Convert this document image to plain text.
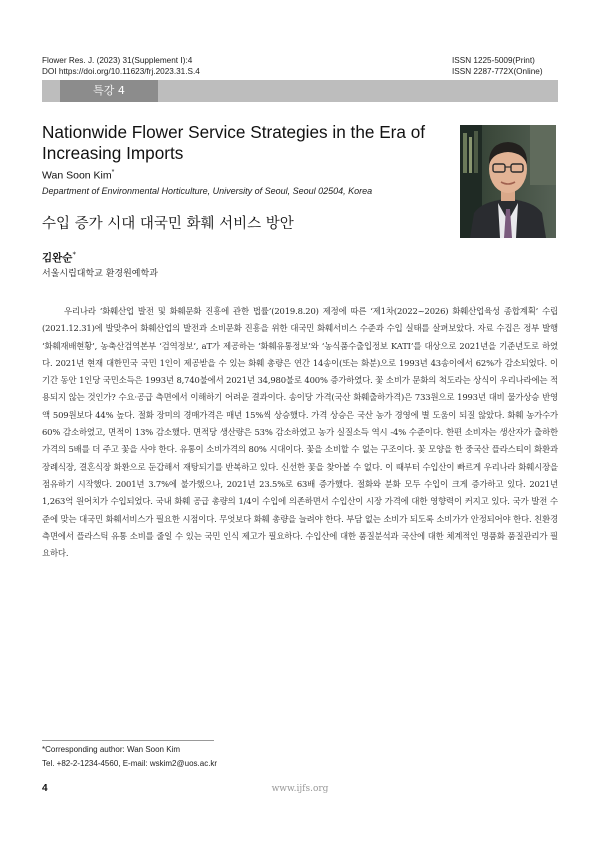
Flower Res. J. (2023) 31(Supplement Ⅰ):4
DOI https://doi.org/10.11623/frj.2023.31.S.4
ISSN 1225-5009(Print)
ISSN 2287-772X(Online)
특강 4
Nationwide Flower Service Strategies in the Era of Increasing Imports
Wan Soon Kim*
Department of Environmental Horticulture, University of Seoul, Seoul 02504, Korea
수입 증가 시대 대국민 화훼 서비스 방안
김완순*
서울시립대학교 환경원예학과

우리나라 ‘화훼산업 발전 및 화훼문화 진흥에 관한 법률’(2019.8.20) 제정에 따른 ‘제1차(2022~2026) 화훼산업육성 종합계획’ 수립(2021.12.31)에 발맞추어 화훼산업의 발전과 소비문화 진흥을 위한 대국민 화훼서비스 수준과 수입 실태를 살펴보았다. 자료 수집은 정부 발행 ‘화훼재배현황’, 농축산검역본부 ‘검역정보’, aT가 제공하는 ‘화훼유통정보’와 ‘농식품수출입정보 KATI’를 대상으로 2021년을 기준년도로 하였다. 2021년 현재 대한민국 국민 1인이 제공받을 수 있는 화훼 총량은 연간 14송이(또는 화분)으로 1993년 43송이에서 62%가 감소되었다. 이 기간 동안 1인당 국민소득은 1993년 8,740불에서 2021년 34,980불로 400% 증가하였다. 꽃 소비가 문화의 척도라는 상식이 우리나라에는 적용되지 않는 것인가? 수요·공급 측면에서 이해하기 어려운 결과이다. 송이당 가격(국산 화훼출하가격)은 733원으로 1993년 대비 물가상승 반영액 509원보다 44% 높다. 절화 장미의 경매가격은 매년 15%씩 상승했다. 가격 상승은 국산 농가 경영에 별 도움이 되질 않았다. 화훼 농가수가 60% 감소하였고, 면적이 13% 감소했다. 면적당 생산량은 53% 감소하였고 농가 실질소득 역시 -4% 수준이다. 한편 소비자는 생산자가 출하한 가격의 5배를 더 주고 꽃을 사야 한다. 유통이 소비가격의 80% 시대이다. 꽃을 소비할 수 없는 구조이다. 꽃 모양을 한 중국산 플라스티이 화환과 장례식장, 결혼식장 화환으로 둔갑해서 재탕되기를 반복하고 있다. 신선한 꽃을 찾아볼 수 없다. 이 때부터 수입산이 빠르게 우리나라 화훼시장을 점유하기 시작했다. 2001년 3.7%에 불가했으나, 2021년 23.5%로 63배 증가했다. 절화와 분화 모두 수입이 크게 증가하고 있다. 2021년 1,263억 원어치가 수입되었다. 국내 화훼 공급 총량의 1/4이 수입에 의존하면서 수입산이 시장 가격에 대한 영향력이 커지고 있다. 국가 발전 수준에 맞는 대국민 화훼서비스가 필요한 시점이다. 무엇보다 화훼 총량을 늘려야 한다. 부담 없는 소비가 되도록 소비가가 안정되어야 한다. 친환경 측면에서 플라스틱 유통 소비를 줄일 수 있는 국민 인식 제고가 필요하다. 수입산에 대한 품질분석과 국산에 대한 체계적인 명품화 품질관리가 필요하다.

*Corresponding author: Wan Soon Kim
Tel. +82-2-1234-4560, E-mail: wskim2@uos.ac.kr
4	www.ijfs.org
